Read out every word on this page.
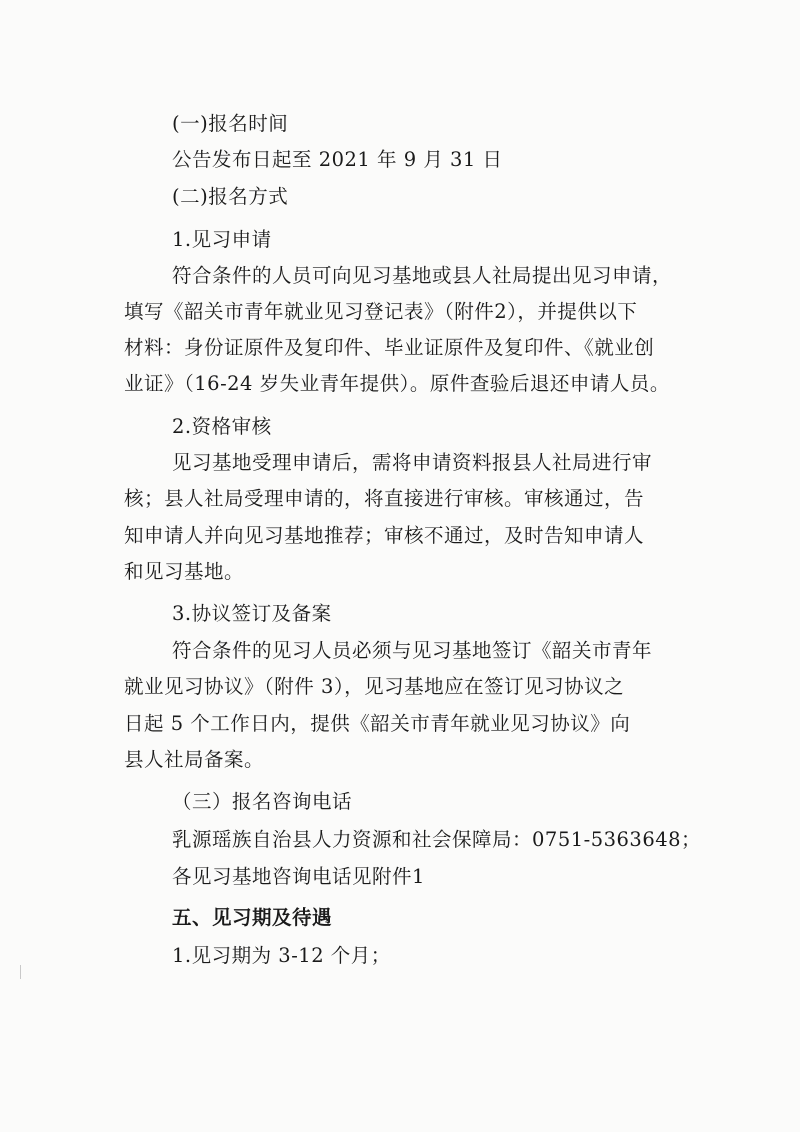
(一)报名时间
公告发布日起至 2021 年 9 月 31 日
(二)报名方式
1.见习申请
符合条件的人员可向见习基地或县人社局提出见习申请，
填写《韶关市青年就业见习登记表》（附件2），并提供以下
材料：身份证原件及复印件、毕业证原件及复印件、《就业创
业证》（16-24 岁失业青年提供）。原件查验后退还申请人员。
2.资格审核
见习基地受理申请后，需将申请资料报县人社局进行审
核；县人社局受理申请的，将直接进行审核。审核通过，告
知申请人并向见习基地推荐；审核不通过，及时告知申请人
和见习基地。
3.协议签订及备案
符合条件的见习人员必须与见习基地签订《韶关市青年
就业见习协议》（附件 3），见习基地应在签订见习协议之
日起 5 个工作日内，提供《韶关市青年就业见习协议》向
县人社局备案。
（三）报名咨询电话
乳源瑶族自治县人力资源和社会保障局：0751-5363648；
各见习基地咨询电话见附件1
五、见习期及待遇
1.见习期为 3-12 个月；
